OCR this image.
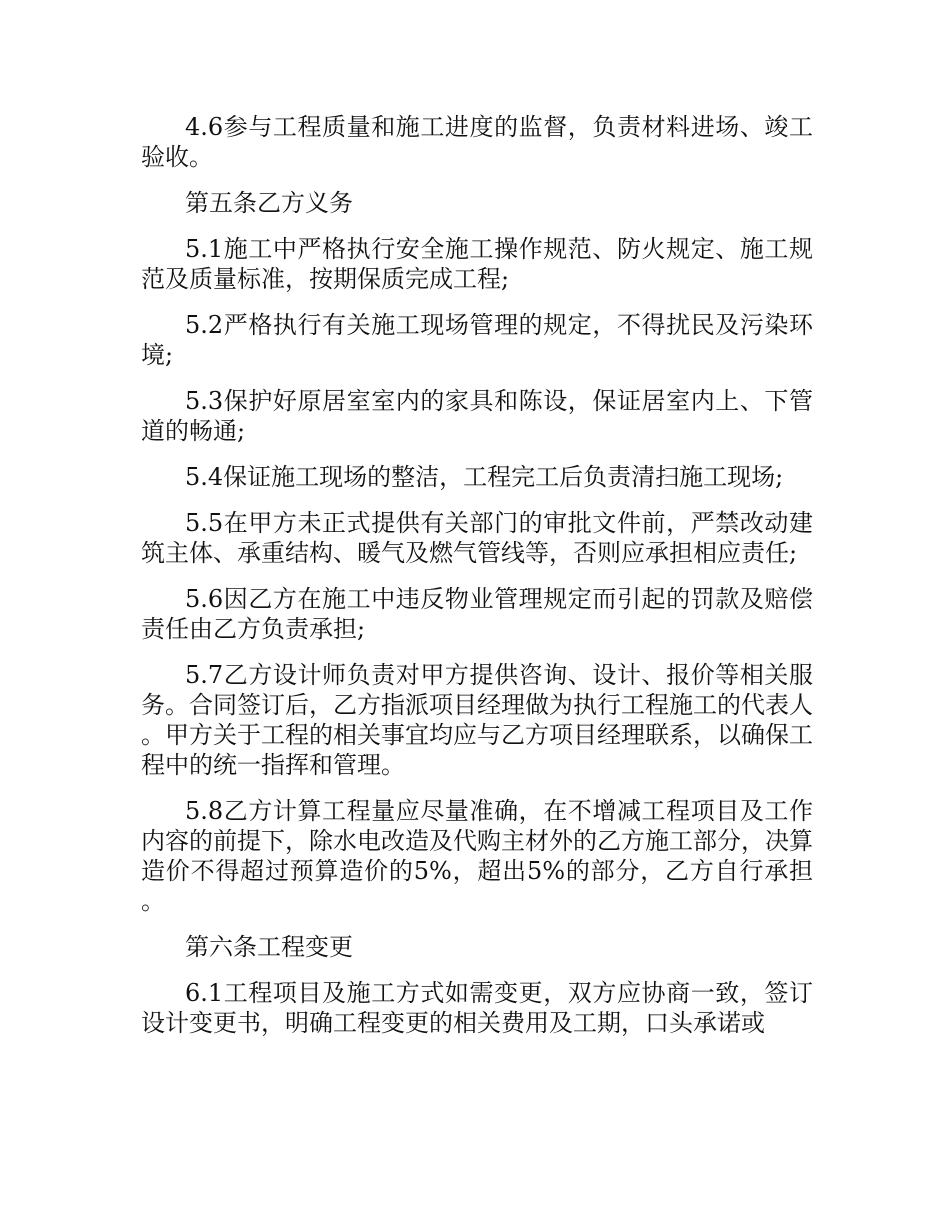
4.6参与工程质量和施工进度的监督，负责材料进场、竣工验收。

第五条乙方义务

5.1施工中严格执行安全施工操作规范、防火规定、施工规范及质量标准，按期保质完成工程;

5.2严格执行有关施工现场管理的规定，不得扰民及污染环境;

5.3保护好原居室室内的家具和陈设，保证居室内上、下管道的畅通;

5.4保证施工现场的整洁，工程完工后负责清扫施工现场;

5.5在甲方未正式提供有关部门的审批文件前，严禁改动建筑主体、承重结构、暖气及燃气管线等，否则应承担相应责任;

5.6因乙方在施工中违反物业管理规定而引起的罚款及赔偿责任由乙方负责承担;

5.7乙方设计师负责对甲方提供咨询、设计、报价等相关服务。合同签订后，乙方指派项目经理做为执行工程施工的代表人。甲方关于工程的相关事宜均应与乙方项目经理联系，以确保工程中的统一指挥和管理。

5.8乙方计算工程量应尽量准确，在不增减工程项目及工作内容的前提下，除水电改造及代购主材外的乙方施工部分，决算造价不得超过预算造价的5%，超出5%的部分，乙方自行承担。

第六条工程变更

6.1工程项目及施工方式如需变更，双方应协商一致，签订设计变更书，明确工程变更的相关费用及工期，口头承诺或
